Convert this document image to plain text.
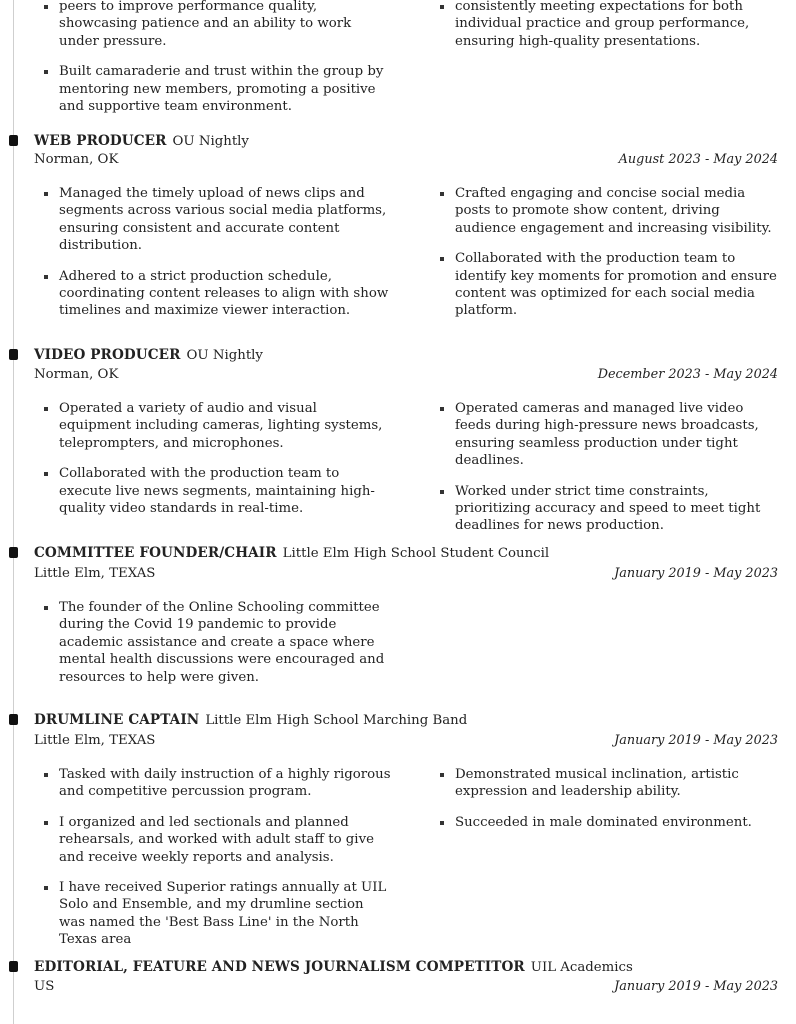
peers to improve performance quality, showcasing patience and an ability to work under pressure.
Built camaraderie and trust within the group by mentoring new members, promoting a positive and supportive team environment.
consistently meeting expectations for both individual practice and group performance, ensuring high-quality presentations.
WEB PRODUCER OU Nightly
Norman, OK	August 2023 - May 2024
Managed the timely upload of news clips and segments across various social media platforms, ensuring consistent and accurate content distribution.
Adhered to a strict production schedule, coordinating content releases to align with show timelines and maximize viewer interaction.
Crafted engaging and concise social media posts to promote show content, driving audience engagement and increasing visibility.
Collaborated with the production team to identify key moments for promotion and ensure content was optimized for each social media platform.
VIDEO PRODUCER OU Nightly
Norman, OK	December 2023 - May 2024
Operated a variety of audio and visual equipment including cameras, lighting systems, teleprompters, and microphones.
Collaborated with the production team to execute live news segments, maintaining high-quality video standards in real-time.
Operated cameras and managed live video feeds during high-pressure news broadcasts, ensuring seamless production under tight deadlines.
Worked under strict time constraints, prioritizing accuracy and speed to meet tight deadlines for news production.
COMMITTEE FOUNDER/CHAIR Little Elm High School Student Council
Little Elm, TEXAS	January 2019 - May 2023
The founder of the Online Schooling committee during the Covid 19 pandemic to provide academic assistance and create a space where mental health discussions were encouraged and resources to help were given.
DRUMLINE CAPTAIN Little Elm High School Marching Band
Little Elm, TEXAS	January 2019 - May 2023
Tasked with daily instruction of a highly rigorous and competitive percussion program.
I organized and led sectionals and planned rehearsals, and worked with adult staff to give and receive weekly reports and analysis.
I have received Superior ratings annually at UIL Solo and Ensemble, and my drumline section was named the 'Best Bass Line' in the North Texas area
Demonstrated musical inclination, artistic expression and leadership ability.
Succeeded in male dominated environment.
EDITORIAL, FEATURE AND NEWS JOURNALISM COMPETITOR UIL Academics
US	January 2019 - May 2023
